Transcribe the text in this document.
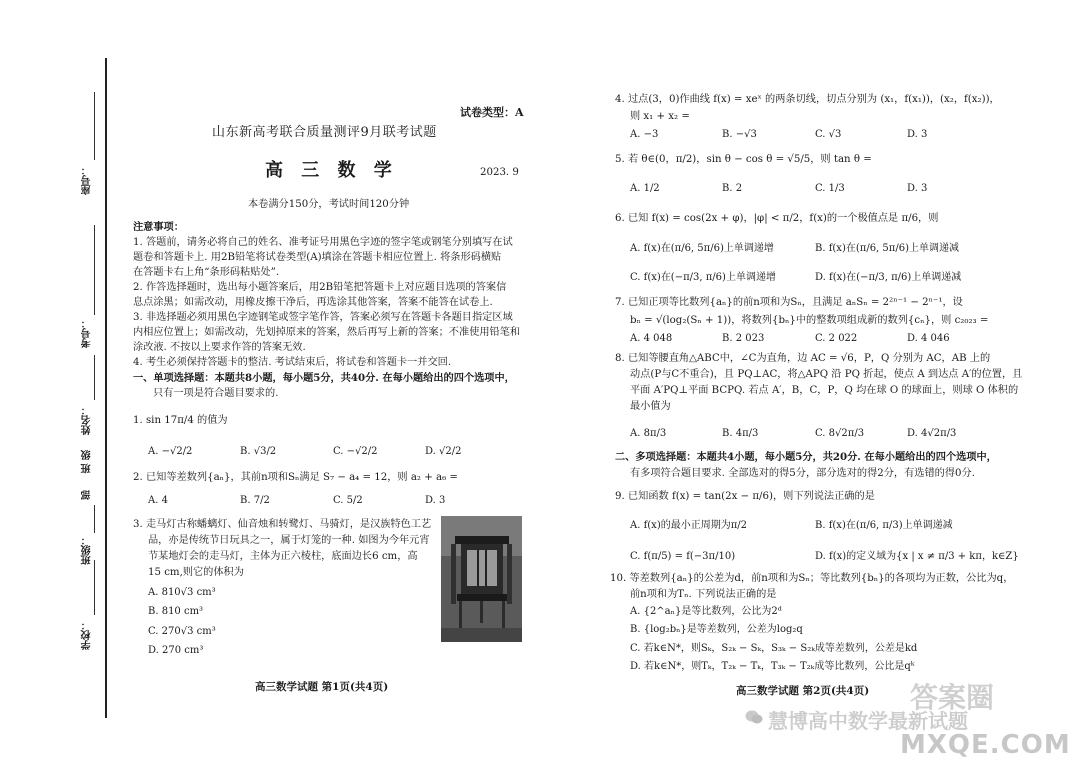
座号：
考号：
姓名：
班 级
部
班级：
学校：
试卷类型：A
山东新高考联合质量测评9月联考试题
高 三 数 学	2023. 9
本卷满分150分，考试时间120分钟
注意事项：
1. 答题前，请务必将自己的姓名、准考证号用黑色字迹的签字笔或钢笔分别填写在试
题卷和答题卡上. 用2B铅笔将试卷类型(A)填涂在答题卡相应位置上. 将条形码横贴
在答题卡右上角“条形码粘贴处”.
2. 作答选择题时，选出每小题答案后，用2B铅笔把答题卡上对应题目选项的答案信
息点涂黑；如需改动，用橡皮擦干净后，再选涂其他答案，答案不能答在试卷上.
3. 非选择题必须用黑色字迹钢笔或签字笔作答，答案必须写在答题卡各题目指定区域
内相应位置上；如需改动，先划掉原来的答案，然后再写上新的答案；不准使用铅笔和
涂改液. 不按以上要求作答的答案无效.
4. 考生必须保持答题卡的整洁. 考试结束后，将试卷和答题卡一并交回.
一、单项选择题：本题共8小题，每小题5分，共40分. 在每小题给出的四个选项中，
只有一项是符合题目要求的.
1. sin 17π/4 的值为
A. −√2/2	B. √3/2	C. −√2/2	D. √2/2
2. 已知等差数列{aₙ}，其前n项和Sₙ满足 S₇ − a₄ = 12，则 a₂ + a₆ =
A. 4	B. 7/2	C. 5/2	D. 3
3. 走马灯古称蟠螭灯、仙音烛和转鹭灯、马骑灯，是汉族特色工艺
品，亦是传统节日玩具之一，属于灯笼的一种. 如图为今年元宵
节某地灯会的走马灯，主体为正六棱柱，底面边长6 cm，高
15 cm,则它的体积为
A. 810√3 cm³
B. 810 cm³
C. 270√3 cm³
D. 270 cm³
高三数学试题 第1页(共4页)
4. 过点(3，0)作曲线 f(x) = xeˣ 的两条切线，切点分别为 (x₁，f(x₁))，(x₂，f(x₂))，
则 x₁ + x₂ =
A. −3	B. −√3	C. √3	D. 3
5. 若 θ∈(0，π/2)，sin θ − cos θ = √5/5，则 tan θ =
A. 1/2	B. 2	C. 1/3	D. 3
6. 已知 f(x) = cos(2x + φ)，|φ| < π/2，f(x)的一个极值点是 π/6，则
A. f(x)在(π/6, 5π/6)上单调递增	B. f(x)在(π/6, 5π/6)上单调递减
C. f(x)在(−π/3, π/6)上单调递增	D. f(x)在(−π/3, π/6)上单调递减
7. 已知正项等比数列{aₙ}的前n项和为Sₙ，且满足 aₙSₙ = 2²ⁿ⁻¹ − 2ⁿ⁻¹，设
bₙ = √(log₂(Sₙ + 1))，将数列{bₙ}中的整数项组成新的数列{cₙ}，则 c₂₀₂₃ =
A. 4 048	B. 2 023	C. 2 022	D. 4 046
8. 已知等腰直角△ABC中，∠C为直角，边 AC = √6，P，Q 分别为 AC，AB 上的
动点(P与C不重合)，且 PQ⊥AC，将△APQ 沿 PQ 折起，使点 A 到达点 A′的位置，且
平面 A′PQ⊥平面 BCPQ. 若点 A′，B，C，P，Q 均在球 O 的球面上，则球 O 体积的
最小值为
A. 8π/3	B. 4π/3	C. 8√2π/3	D. 4√2π/3
二、多项选择题：本题共4小题，每小题5分，共20分. 在每小题给出的四个选项中，
有多项符合题目要求. 全部选对的得5分，部分选对的得2分，有选错的得0分.
9. 已知函数 f(x) = tan(2x − π/6)，则下列说法正确的是
A. f(x)的最小正周期为π/2	B. f(x)在(π/6, π/3)上单调递减
C. f(π/5) = f(−3π/10)	D. f(x)的定义域为{x | x ≠ π/3 + kπ，k∈Z}
10. 等差数列{aₙ}的公差为d，前n项和为Sₙ；等比数列{bₙ}的各项均为正数，公比为q，
前n项和为Tₙ. 下列说法正确的是
A. {2^aₙ}是等比数列，公比为2ᵈ
B. {log₂bₙ}是等差数列，公差为log₂q
C. 若k∈N*，则Sₖ，S₂ₖ − Sₖ，S₃ₖ − S₂ₖ成等差数列，公差是kd
D. 若k∈N*，则Tₖ，T₂ₖ − Tₖ，T₃ₖ − T₂ₖ成等比数列，公比是qᵏ
高三数学试题 第2页(共4页) 答案圈
慧博高中数学最新试题
MXQE.COM
